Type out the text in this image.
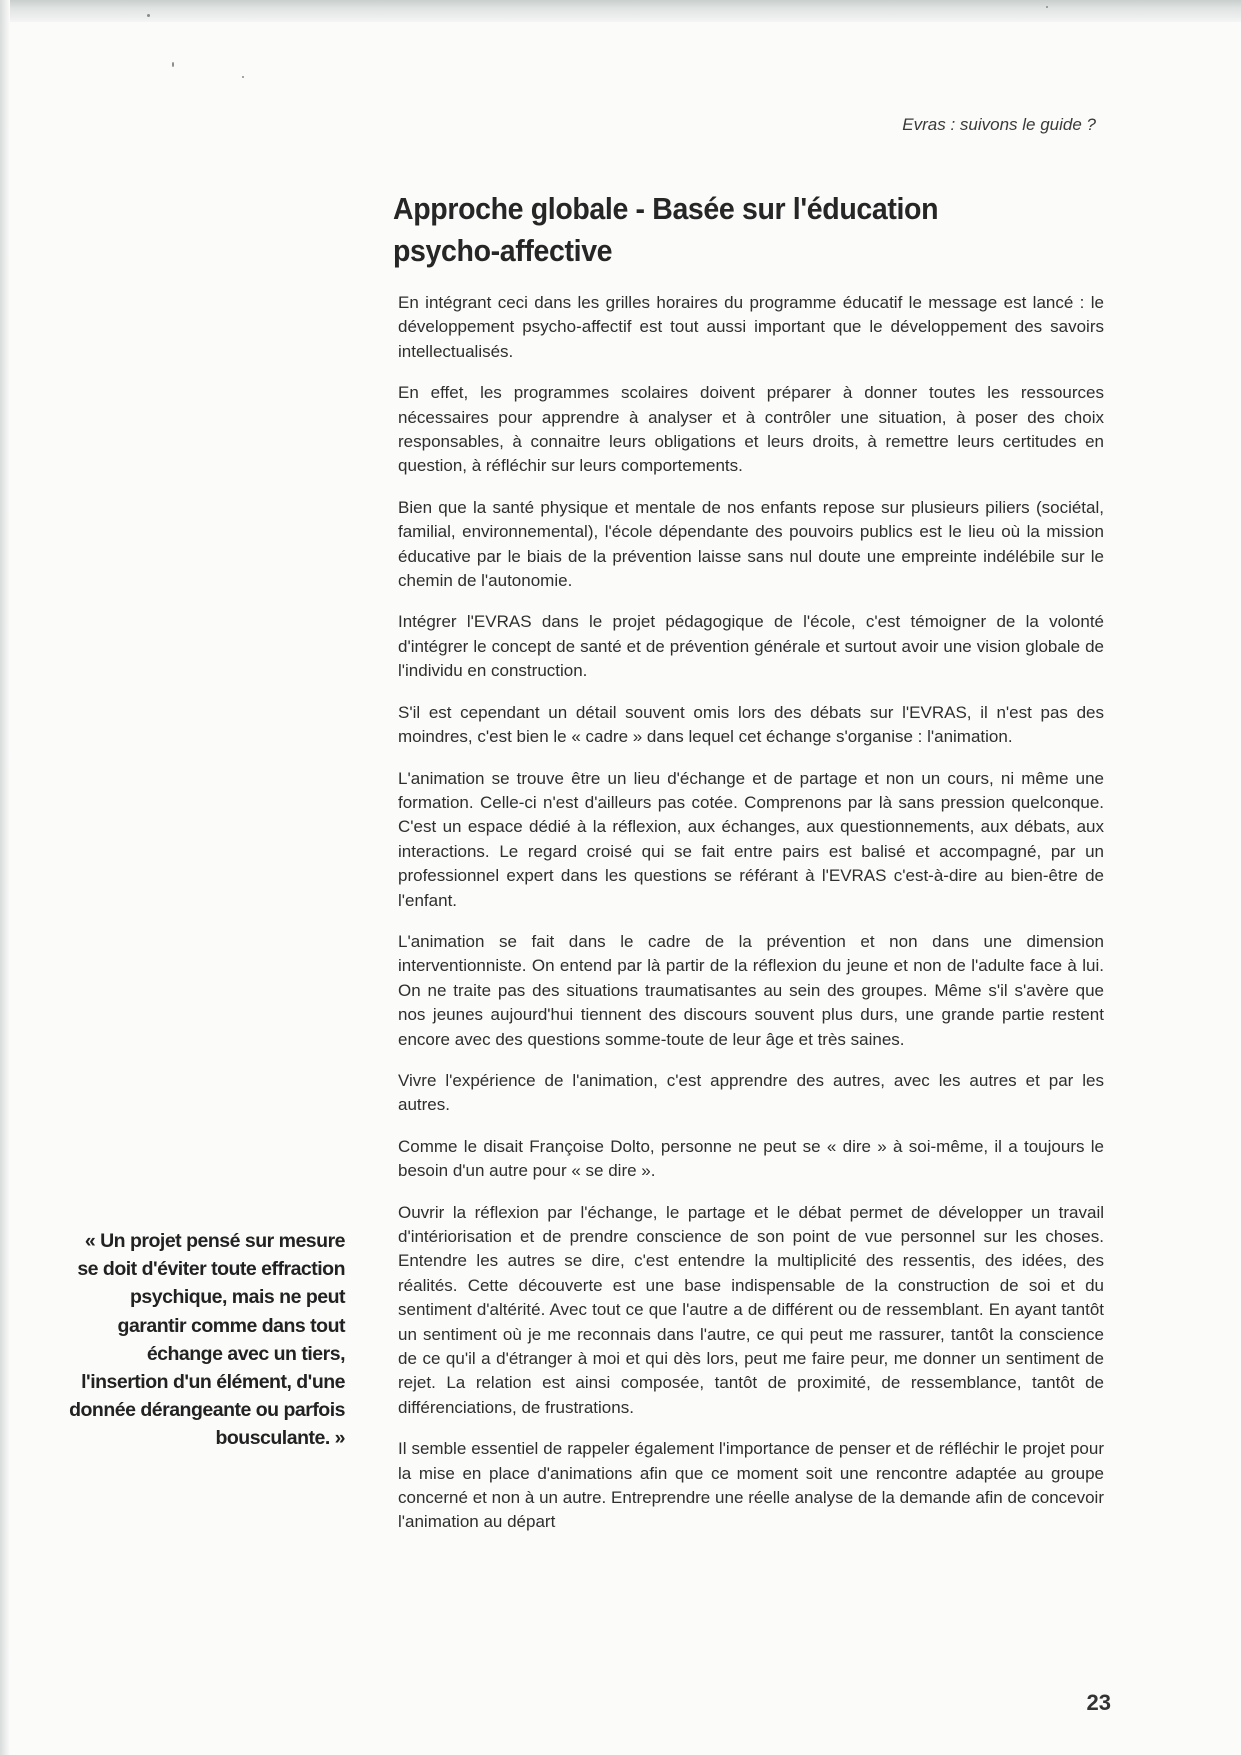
Evras : suivons le guide ?
Approche globale - Basée sur l'éducation psycho-affective

En intégrant ceci dans les grilles horaires du programme éducatif le message est lancé : le développement psycho-affectif est tout aussi important que le développement des savoirs intellectualisés.

En effet, les programmes scolaires doivent préparer à donner toutes les ressources nécessaires pour apprendre à analyser et à contrôler une situation, à poser des choix responsables, à connaitre leurs obligations et leurs droits, à remettre leurs certitudes en question, à réfléchir sur leurs comportements.

Bien que la santé physique et mentale de nos enfants repose sur plusieurs piliers (sociétal, familial, environnemental), l'école dépendante des pouvoirs publics est le lieu où la mission éducative par le biais de la prévention laisse sans nul doute une empreinte indélébile sur le chemin de l'autonomie.

Intégrer l'EVRAS dans le projet pédagogique de l'école, c'est témoigner de la volonté d'intégrer le concept de santé et de prévention générale et surtout avoir une vision globale de l'individu en construction.

S'il est cependant un détail souvent omis lors des débats sur l'EVRAS, il n'est pas des moindres, c'est bien le « cadre » dans lequel cet échange s'organise : l'animation.

L'animation se trouve être un lieu d'échange et de partage et non un cours, ni même une formation. Celle-ci n'est d'ailleurs pas cotée. Comprenons par là sans pression quelconque. C'est un espace dédié à la réflexion, aux échanges, aux questionnements, aux débats, aux interactions. Le regard croisé qui se fait entre pairs est balisé et accompagné, par un professionnel expert dans les questions se référant à l'EVRAS c'est-à-dire au bien-être de l'enfant.

L'animation se fait dans le cadre de la prévention et non dans une dimension interventionniste. On entend par là partir de la réflexion du jeune et non de l'adulte face à lui. On ne traite pas des situations traumatisantes au sein des groupes. Même s'il s'avère que nos jeunes aujourd'hui tiennent des discours souvent plus durs, une grande partie restent encore avec des questions somme-toute de leur âge et très saines.

Vivre l'expérience de l'animation, c'est apprendre des autres, avec les autres et par les autres.

Comme le disait Françoise Dolto, personne ne peut se « dire » à soi-même, il a toujours le besoin d'un autre pour « se dire ».

Ouvrir la réflexion par l'échange, le partage et le débat permet de développer un travail d'intériorisation et de prendre conscience de son point de vue personnel sur les choses. Entendre les autres se dire, c'est entendre la multiplicité des ressentis, des idées, des réalités. Cette découverte est une base indispensable de la construction de soi et du sentiment d'altérité. Avec tout ce que l'autre a de différent ou de ressemblant. En ayant tantôt un sentiment où je me reconnais dans l'autre, ce qui peut me rassurer, tantôt la conscience de ce qu'il a d'étranger à moi et qui dès lors, peut me faire peur, me donner un sentiment de rejet. La relation est ainsi composée, tantôt de proximité, de ressemblance, tantôt de différenciations, de frustrations.

Il semble essentiel de rappeler également l'importance de penser et de réfléchir le projet pour la mise en place d'animations afin que ce moment soit une rencontre adaptée au groupe concerné et non à un autre. Entreprendre une réelle analyse de la demande afin de concevoir l'animation au départ

« Un projet pensé sur mesure se doit d'éviter toute effraction psychique, mais ne peut garantir comme dans tout échange avec un tiers, l'insertion d'un élément, d'une donnée dérangeante ou parfois bousculante. »

23
